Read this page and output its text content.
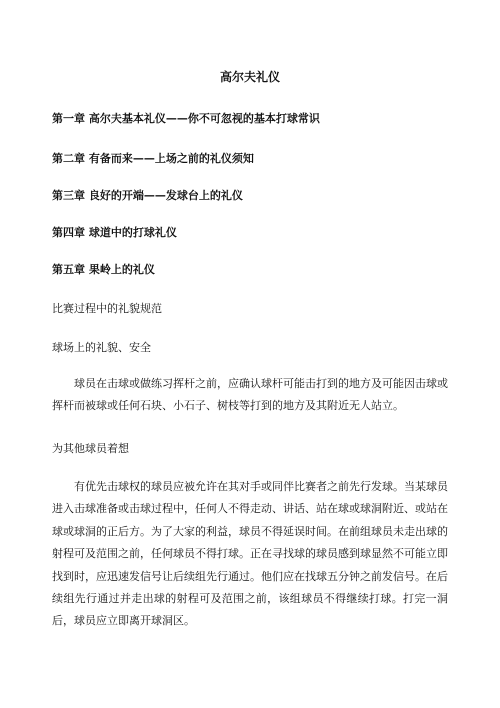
高尔夫礼仪
第一章 高尔夫基本礼仪——你不可忽视的基本打球常识
第二章 有备而来——上场之前的礼仪须知
第三章 良好的开端——发球台上的礼仪
第四章 球道中的打球礼仪
第五章 果岭上的礼仪
比赛过程中的礼貌规范
球场上的礼貌、安全
球员在击球或做练习挥杆之前，应确认球杆可能击打到的地方及可能因击球或挥杆而被球或任何石块、小石子、树枝等打到的地方及其附近无人站立。
为其他球员着想
有优先击球权的球员应被允许在其对手或同伴比赛者之前先行发球。当某球员进入击球准备或击球过程中，任何人不得走动、讲话、站在球或球洞附近、或站在球或球洞的正后方。为了大家的利益，球员不得延误时间。在前组球员未走出球的射程可及范围之前，任何球员不得打球。正在寻找球的球员感到球显然不可能立即找到时，应迅速发信号让后续组先行通过。他们应在找球五分钟之前发信号。在后续组先行通过并走出球的射程可及范围之前，该组球员不得继续打球。打完一洞后，球员应立即离开球洞区。
